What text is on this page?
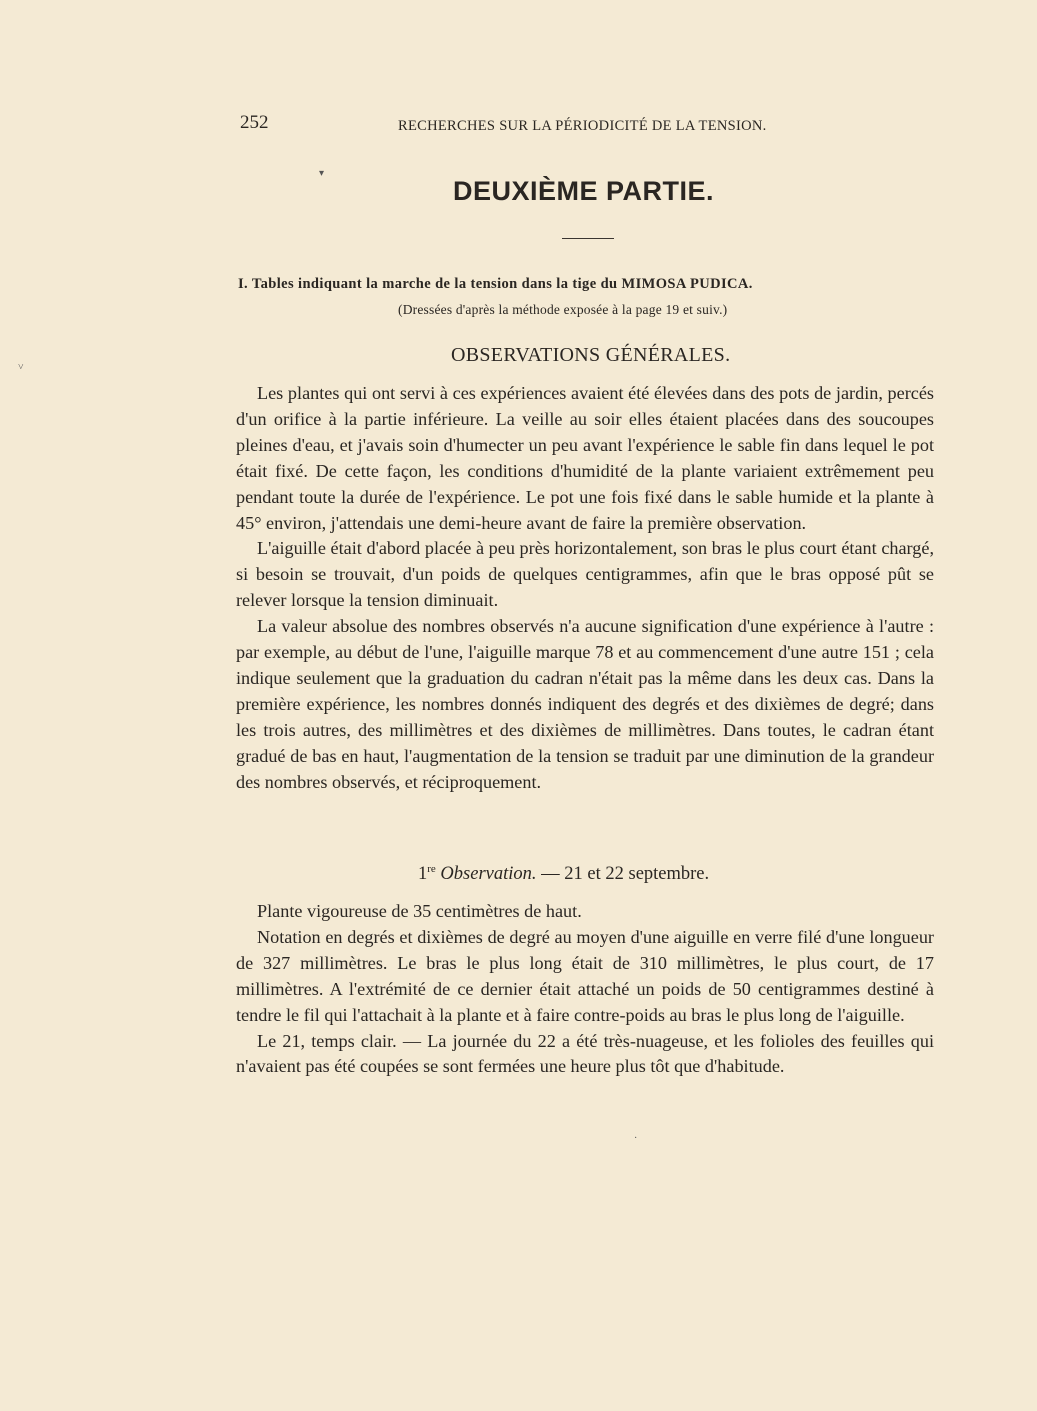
252	RECHERCHES SUR LA PÉRIODICITÉ DE LA TENSION.
DEUXIÈME PARTIE.
I. Tables indiquant la marche de la tension dans la tige du MIMOSA PUDICA.
(Dressées d'après la méthode exposée à la page 19 et suiv.)
OBSERVATIONS GÉNÉRALES.

Les plantes qui ont servi à ces expériences avaient été élevées dans des pots de jardin, percés d'un orifice à la partie inférieure. La veille au soir elles étaient placées dans des soucoupes pleines d'eau, et j'avais soin d'humecter un peu avant l'expérience le sable fin dans lequel le pot était fixé. De cette façon, les conditions d'humidité de la plante variaient extrêmement peu pendant toute la durée de l'expérience. Le pot une fois fixé dans le sable humide et la plante à 45° environ, j'attendais une demi-heure avant de faire la première observation.

L'aiguille était d'abord placée à peu près horizontalement, son bras le plus court étant chargé, si besoin se trouvait, d'un poids de quelques centigrammes, afin que le bras opposé pût se relever lorsque la tension diminuait.

La valeur absolue des nombres observés n'a aucune signification d'une expérience à l'autre : par exemple, au début de l'une, l'aiguille marque 78 et au commencement d'une autre 151 ; cela indique seulement que la graduation du cadran n'était pas la même dans les deux cas. Dans la première expérience, les nombres donnés indiquent des degrés et des dixièmes de degré; dans les trois autres, des millimètres et des dixièmes de millimètres. Dans toutes, le cadran étant gradué de bas en haut, l'augmentation de la tension se traduit par une diminution de la grandeur des nombres observés, et réciproquement.

1re Observation. — 21 et 22 septembre.

Plante vigoureuse de 35 centimètres de haut.

Notation en degrés et dixièmes de degré au moyen d'une aiguille en verre filé d'une longueur de 327 millimètres. Le bras le plus long était de 310 millimètres, le plus court, de 17 millimètres. A l'extrémité de ce dernier était attaché un poids de 50 centigrammes destiné à tendre le fil qui l'attachait à la plante et à faire contre-poids au bras le plus long de l'aiguille.

Le 21, temps clair. — La journée du 22 a été très-nuageuse, et les folioles des feuilles qui n'avaient pas été coupées se sont fermées une heure plus tôt que d'habitude.

▾
˅
·
